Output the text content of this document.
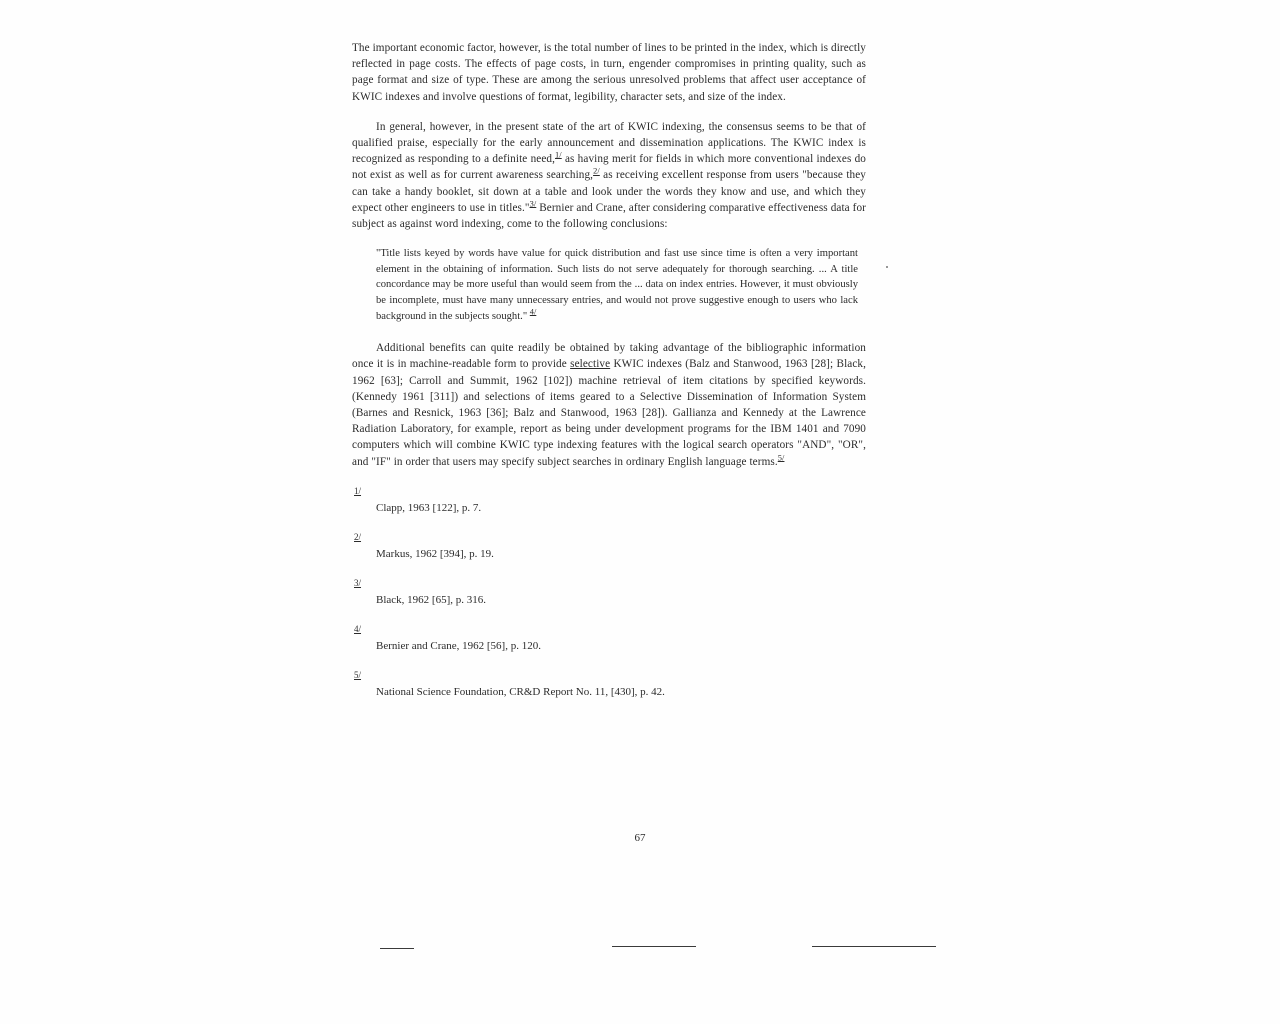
The important economic factor, however, is the total number of lines to be printed in the index, which is directly reflected in page costs. The effects of page costs, in turn, engender compromises in printing quality, such as page format and size of type. These are among the serious unresolved problems that affect user acceptance of KWIC indexes and involve questions of format, legibility, character sets, and size of the index.

In general, however, in the present state of the art of KWIC indexing, the consensus seems to be that of qualified praise, especially for the early announcement and dissemination applications. The KWIC index is recognized as responding to a definite need,$^{1/}$ as having merit for fields in which more conventional indexes do not exist as well as for current awareness searching,$^{2/}$ as receiving excellent response from users "because they can take a handy booklet, sit down at a table and look under the words they know and use, and which they expect other engineers to use in titles."$^{3/}$ Bernier and Crane, after considering comparative effectiveness data for subject as against word indexing, come to the following conclusions:

"Title lists keyed by words have value for quick distribution and fast use since time is often a very important element in the obtaining of information. Such lists do not serve adequately for thorough searching. ... A title concordance may be more useful than would seem from the ... data on index entries. However, it must obviously be incomplete, must have many unnecessary entries, and would not prove suggestive enough to users who lack background in the subjects sought." $^{4/}$

Additional benefits can quite readily be obtained by taking advantage of the bibliographic information once it is in machine-readable form to provide selective KWIC indexes (Balz and Stanwood, 1963 [28]; Black, 1962 [63]; Carroll and Summit, 1962 [102]) machine retrieval of item citations by specified keywords. (Kennedy 1961 [311]) and selections of items geared to a Selective Dissemination of Information System (Barnes and Resnick, 1963 [36]; Balz and Stanwood, 1963 [28]). Gallianza and Kennedy at the Lawrence Radiation Laboratory, for example, report as being under development programs for the IBM 1401 and 7090 computers which will combine KWIC type indexing features with the logical search operators "AND", "OR", and "IF" in order that users may specify subject searches in ordinary English language terms.$^{5/}$

1/
Clapp, 1963 [122], p. 7.
2/
Markus, 1962 [394], p. 19.
3/
Black, 1962 [65], p. 316.
4/
Bernier and Crane, 1962 [56], p. 120.
5/
National Science Foundation, CR&D Report No. 11, [430], p. 42.
67
